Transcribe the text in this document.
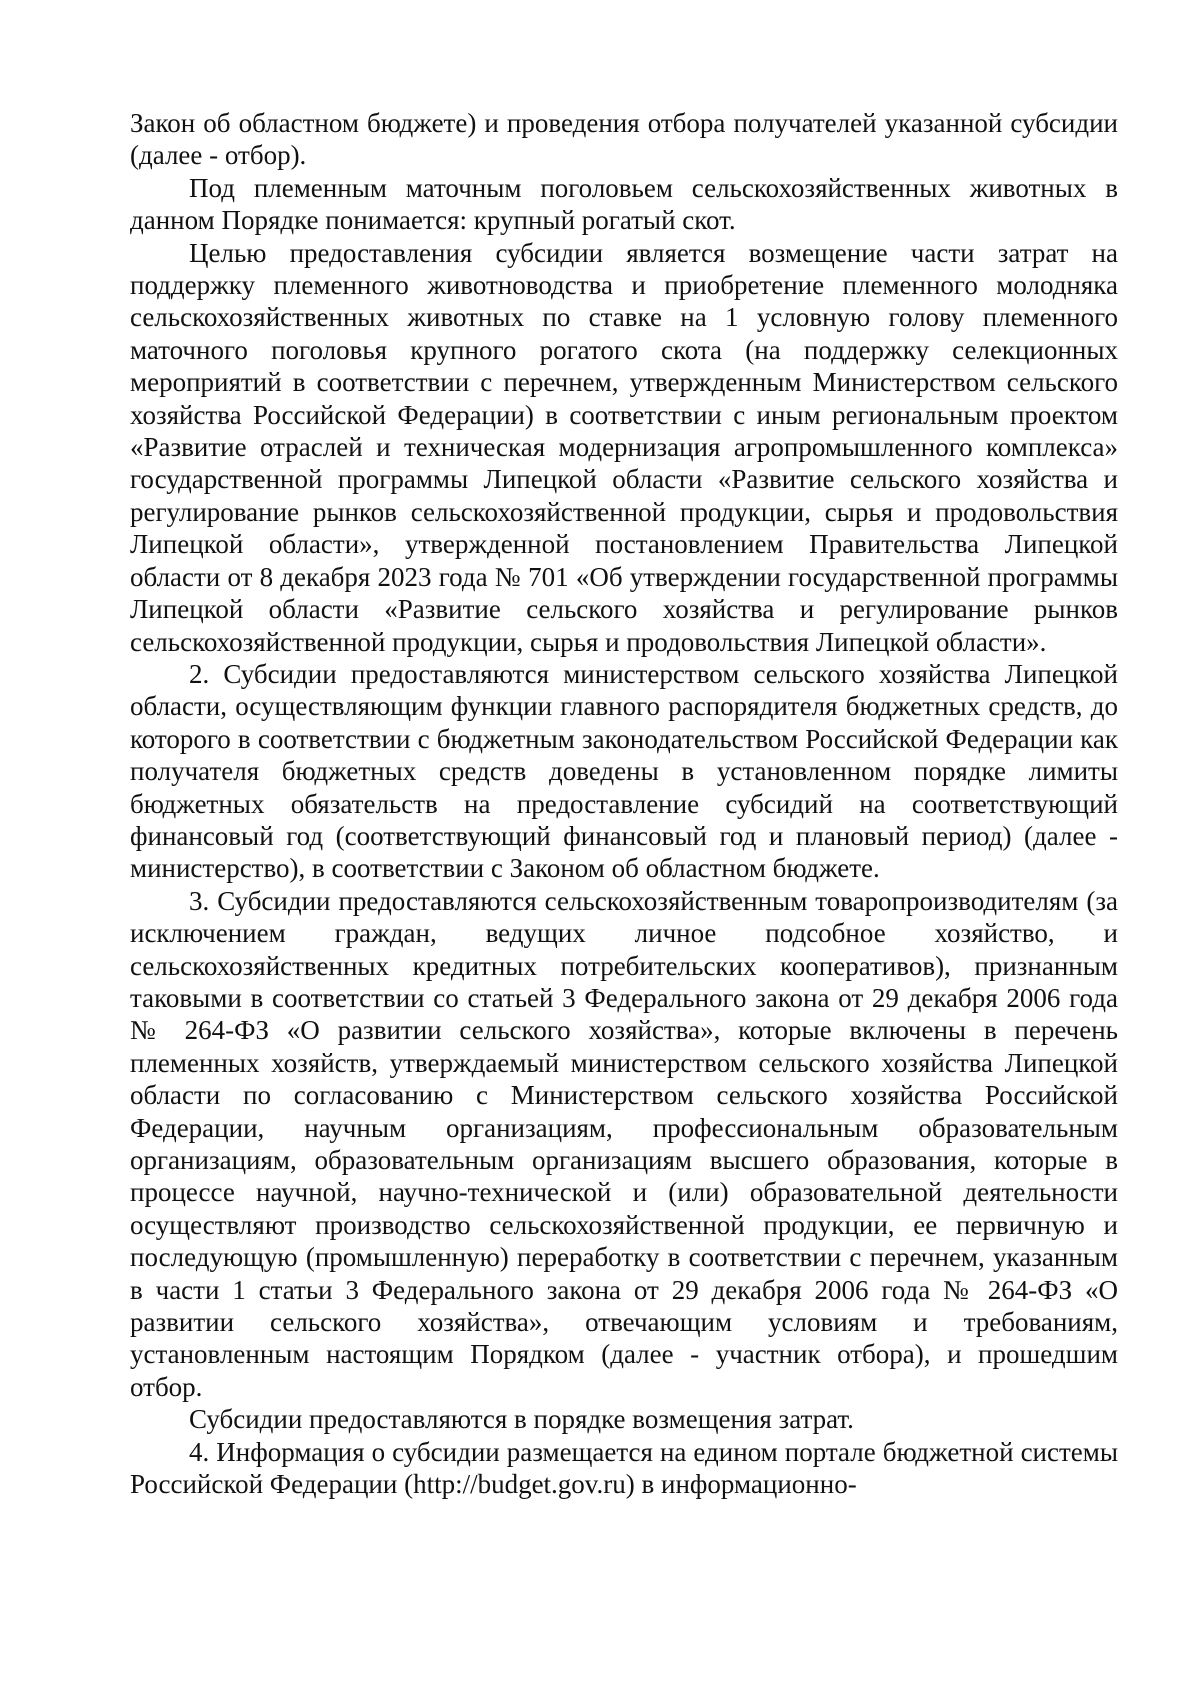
Закон об областном бюджете) и проведения отбора получателей указанной субсидии (далее - отбор).

Под племенным маточным поголовьем сельскохозяйственных животных в данном Порядке понимается: крупный рогатый скот.

Целью предоставления субсидии является возмещение части затрат на поддержку племенного животноводства и приобретение племенного молодняка сельскохозяйственных животных по ставке на 1 условную голову племенного маточного поголовья крупного рогатого скота (на поддержку селекционных мероприятий в соответствии с перечнем, утвержденным Министерством сельского хозяйства Российской Федерации) в соответствии с иным региональным проектом «Развитие отраслей и техническая модернизация агропромышленного комплекса» государственной программы Липецкой области «Развитие сельского хозяйства и регулирование рынков сельскохозяйственной продукции, сырья и продовольствия Липецкой области», утвержденной постановлением Правительства Липецкой области от 8 декабря 2023 года № 701 «Об утверждении государственной программы Липецкой области «Развитие сельского хозяйства и регулирование рынков сельскохозяйственной продукции, сырья и продовольствия Липецкой области».

2. Субсидии предоставляются министерством сельского хозяйства Липецкой области, осуществляющим функции главного распорядителя бюджетных средств, до которого в соответствии с бюджетным законодательством Российской Федерации как получателя бюджетных средств доведены в установленном порядке лимиты бюджетных обязательств на предоставление субсидий на соответствующий финансовый год (соответствующий финансовый год и плановый период) (далее - министерство), в соответствии с Законом об областном бюджете.

3. Субсидии предоставляются сельскохозяйственным товаропроизводителям (за исключением граждан, ведущих личное подсобное хозяйство, и сельскохозяйственных кредитных потребительских кооперативов), признанным таковыми в соответствии со статьей 3 Федерального закона от 29 декабря 2006 года № 264-ФЗ «О развитии сельского хозяйства», которые включены в перечень племенных хозяйств, утверждаемый министерством сельского хозяйства Липецкой области по согласованию с Министерством сельского хозяйства Российской Федерации, научным организациям, профессиональным образовательным организациям, образовательным организациям высшего образования, которые в процессе научной, научно-технической и (или) образовательной деятельности осуществляют производство сельскохозяйственной продукции, ее первичную и последующую (промышленную) переработку в соответствии с перечнем, указанным в части 1 статьи 3 Федерального закона от 29 декабря 2006 года № 264-ФЗ «О развитии сельского хозяйства», отвечающим условиям и требованиям, установленным настоящим Порядком (далее - участник отбора), и прошедшим отбор.

Субсидии предоставляются в порядке возмещения затрат.

4. Информация о субсидии размещается на едином портале бюджетной системы Российской Федерации (http://budget.gov.ru) в информационно-
